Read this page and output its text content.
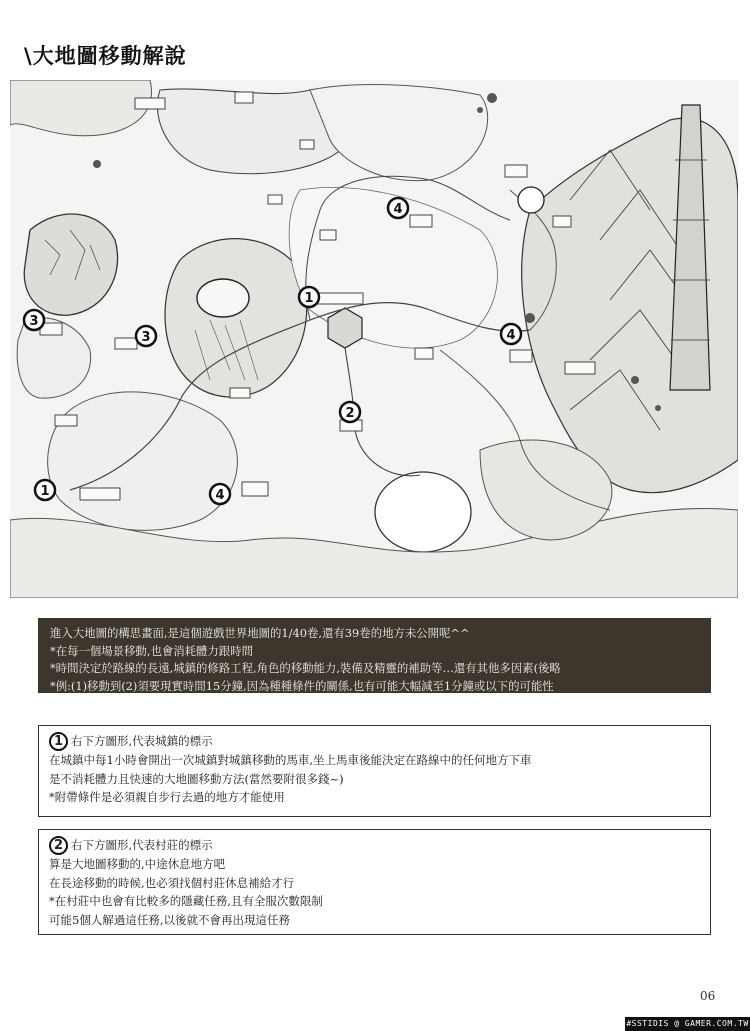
\大地圖移動解說
1
1
2
3
3
4
4
4
進入大地圖的構思畫面,是這個遊戲世界地圖的1/40卷,還有39卷的地方未公開呢^^
*在每一個場景移動,也會消耗體力跟時間
*時間決定於路線的長遠,城鎮的修路工程,角色的移動能力,裝備及精靈的補助等…還有其他多因素(後略
*例:(1)移動到(2)須要現實時間15分鐘,因為種種條件的關係,也有可能大幅減至1分鐘或以下的可能性
1 右下方圖形,代表城鎮的標示
在城鎮中每1小時會開出一次城鎮對城鎮移動的馬車,坐上馬車後能決定在路線中的任何地方下車
是不消耗體力且快速的大地圖移動方法(當然要附很多錢~)
*附帶條件是必須親自步行去過的地方才能使用
2 右下方圖形,代表村莊的標示
算是大地圖移動的,中途休息地方吧
在長途移動的時候,也必須找個村莊休息補給才行
*在村莊中也會有比較多的隱藏任務,且有全服次數限制
可能5個人解過這任務,以後就不會再出現這任務
06
#SSTIDIS @ GAMER.COM.TW
